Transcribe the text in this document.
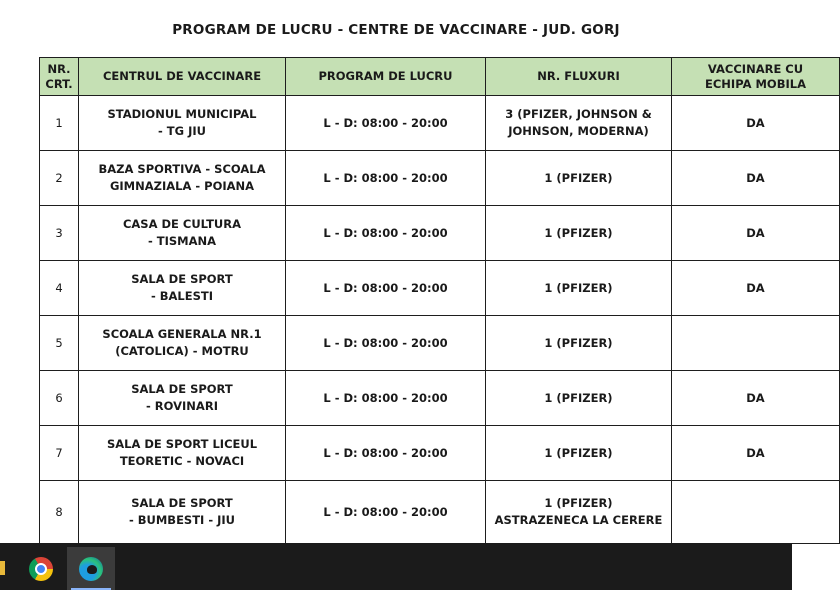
PROGRAM DE LUCRU - CENTRE DE VACCINARE - JUD. GORJ
NR.
CRT.	CENTRUL DE VACCINARE	PROGRAM DE LUCRU	NR. FLUXURI	VACCINARE CU
ECHIPA MOBILA
1	STADIONUL MUNICIPAL
- TG JIU	L - D: 08:00 - 20:00	3 (PFIZER, JOHNSON &
JOHNSON, MODERNA)	DA
2	BAZA SPORTIVA - SCOALA
GIMNAZIALA - POIANA	L - D: 08:00 - 20:00	1 (PFIZER)	DA
3	CASA DE CULTURA
- TISMANA	L - D: 08:00 - 20:00	1 (PFIZER)	DA
4	SALA DE SPORT
- BALESTI	L - D: 08:00 - 20:00	1 (PFIZER)	DA
5	SCOALA GENERALA NR.1
(CATOLICA) - MOTRU	L - D: 08:00 - 20:00	1 (PFIZER)	
6	SALA DE SPORT
- ROVINARI	L - D: 08:00 - 20:00	1 (PFIZER)	DA
7	SALA DE SPORT LICEUL
TEORETIC - NOVACI	L - D: 08:00 - 20:00	1 (PFIZER)	DA
8	SALA DE SPORT
- BUMBESTI - JIU	L - D: 08:00 - 20:00	1 (PFIZER)
ASTRAZENECA LA CERERE	
